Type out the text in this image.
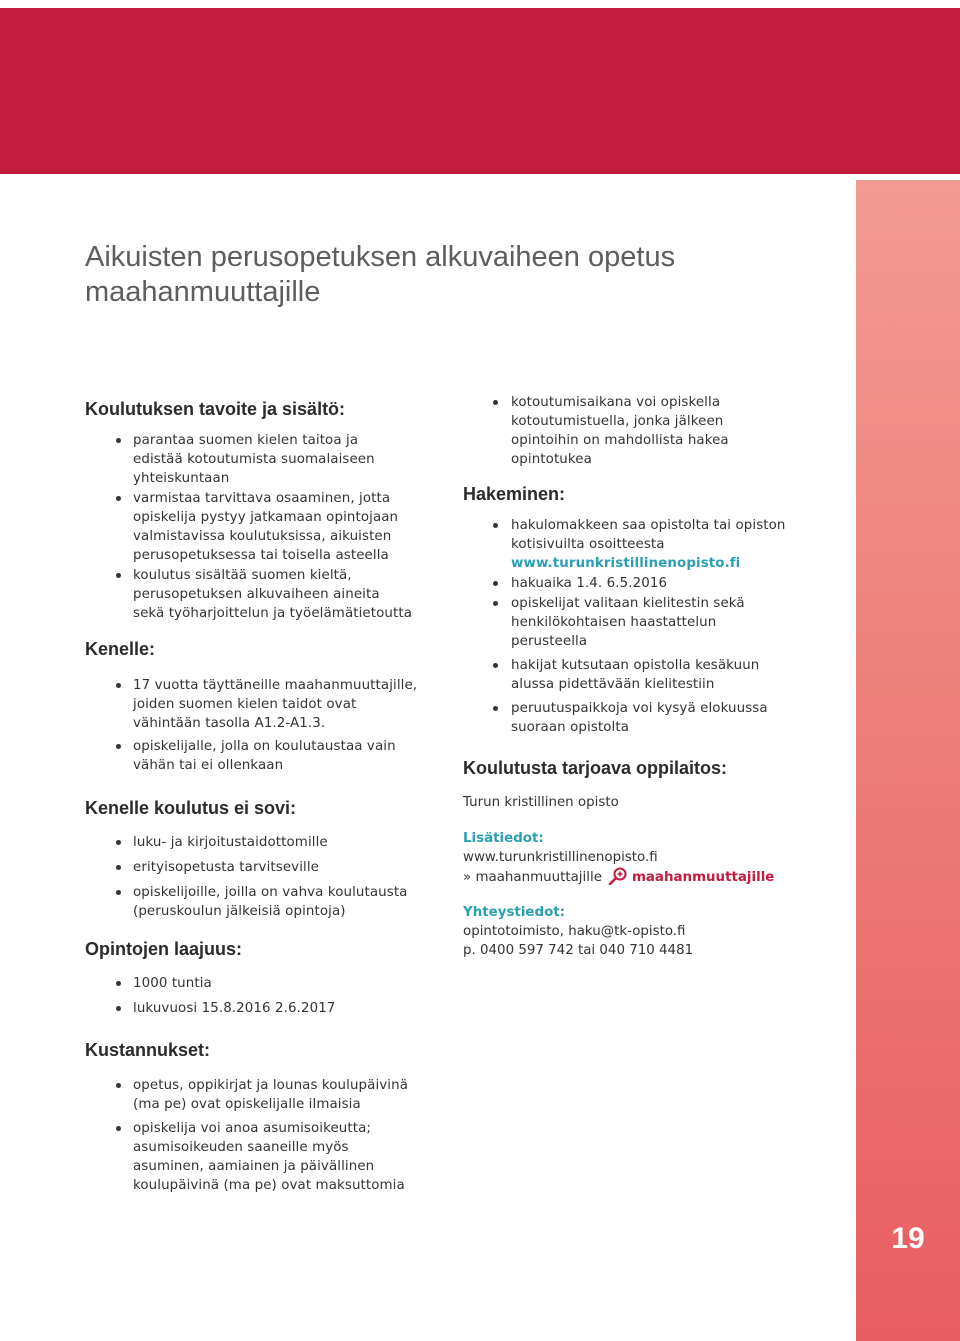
19
Aikuisten perusopetuksen alkuvaiheen opetus
maahanmuuttajille
Koulutuksen tavoite ja sisältö:
parantaa suomen kielen taitoa ja
edistää kotoutumista suomalaiseen
yhteiskuntaan
varmistaa tarvittava osaaminen, jotta
opiskelija pystyy jatkamaan opintojaan
valmistavissa koulutuksissa, aikuisten
perusopetuksessa tai toisella asteella
koulutus sisältää suomen kieltä,
perusopetuksen alkuvaiheen aineita
sekä työharjoittelun ja työelämätietoutta
Kenelle:
17 vuotta täyttäneille maahanmuuttajille,
joiden suomen kielen taidot ovat
vähintään tasolla A1.2-A1.3.
opiskelijalle, jolla on koulutaustaa vain
vähän tai ei ollenkaan
Kenelle koulutus ei sovi:
luku- ja kirjoitustaidottomille
erityisopetusta tarvitseville
opiskelijoille, joilla on vahva koulutausta
(peruskoulun jälkeisiä opintoja)
Opintojen laajuus:
1000 tuntia
lukuvuosi 15.8.2016 2.6.2017
Kustannukset:
opetus, oppikirjat ja lounas koulupäivinä
(ma pe) ovat opiskelijalle ilmaisia
opiskelija voi anoa asumisoikeutta;
asumisoikeuden saaneille myös
asuminen, aamiainen ja päivällinen
koulupäivinä (ma pe) ovat maksuttomia
kotoutumisaikana voi opiskella
kotoutumistuella, jonka jälkeen
opintoihin on mahdollista hakea
opintotukea
Hakeminen:
hakulomakkeen saa opistolta tai opiston
kotisivuilta osoitteesta
www.turunkristillinenopisto.fi
hakuaika 1.4. 6.5.2016
opiskelijat valitaan kielitestin sekä
henkilökohtaisen haastattelun
perusteella
hakijat kutsutaan opistolla kesäkuun
alussa pidettävään kielitestiin
peruutuspaikkoja voi kysyä elokuussa
suoraan opistolta
Koulutusta tarjoava oppilaitos:
Turun kristillinen opisto
Lisätiedot:
www.turunkristillinenopisto.fi
» maahanmuuttajille maahanmuuttajille
Yhteystiedot:
opintotoimisto, haku@tk-opisto.fi
p. 0400 597 742 tai 040 710 4481
